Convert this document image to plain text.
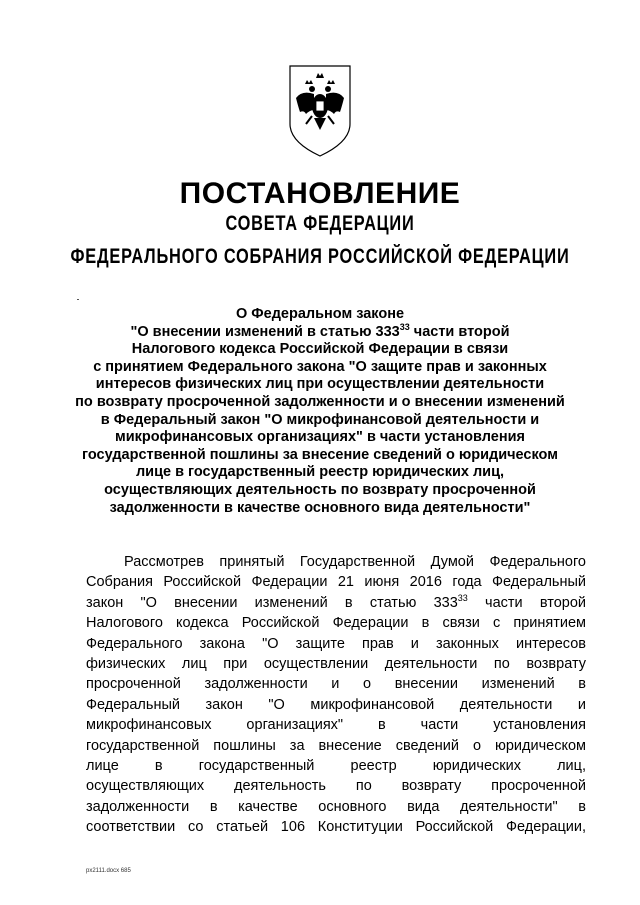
ПОСТАНОВЛЕНИЕ
СОВЕТА ФЕДЕРАЦИИ
ФЕДЕРАЛЬНОГО СОБРАНИЯ РОССИЙСКОЙ ФЕДЕРАЦИИ
О Федеральном законе
"О внесении изменений в статью $333^{33}$ части второй
Налогового кодекса Российской Федерации в связи
с принятием Федерального закона "О защите прав и законных
интересов физических лиц при осуществлении деятельности
по возврату просроченной задолженности и о внесении изменений
в Федеральный закон "О микрофинансовой деятельности и
микрофинансовых организациях" в части установления
государственной пошлины за внесение сведений о юридическом
лице в государственный реестр юридических лиц,
осуществляющих деятельность по возврату просроченной
задолженности в качестве основного вида деятельности"
Рассмотрев принятый Государственной Думой Федерального
Собрания Российской Федерации 21 июня 2016 года Федеральный
закон "О внесении изменений в статью $333^{33}$ части второй
Налогового кодекса Российской Федерации в связи с принятием
Федерального закона "О защите прав и законных интересов
физических лиц при осуществлении деятельности по возврату
просроченной задолженности и о внесении изменений в
Федеральный закон "О микрофинансовой деятельности и
микрофинансовых организациях" в части установления
государственной пошлины за внесение сведений о юридическом
лице в государственный реестр юридических лиц,
осуществляющих деятельность по возврату просроченной
задолженности в качестве основного вида деятельности" в
соответствии со статьей 106 Конституции Российской Федерации,
px2111.docx 685
